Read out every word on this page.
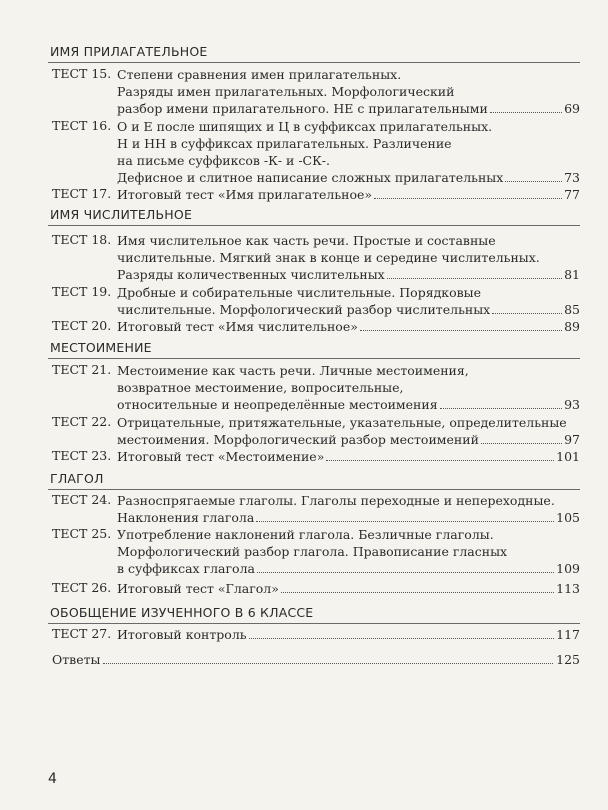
ИМЯ ПРИЛАГАТЕЛЬНОЕ
ТЕСТ 15. Степени сравнения имен прилагательных.
Разряды имен прилагательных. Морфологический
разбор имени прилагательного. НЕ с прилагательными	69
ТЕСТ 16. О и Е после шипящих и Ц в суффиксах прилагательных.
Н и НН в суффиксах прилагательных. Различение
на письме суффиксов -К- и -СК-.
Дефисное и слитное написание сложных прилагательных	73
ТЕСТ 17. Итоговый тест «Имя прилагательное»	77
ИМЯ ЧИСЛИТЕЛЬНОЕ
ТЕСТ 18. Имя числительное как часть речи. Простые и составные
числительные. Мягкий знак в конце и середине числительных.
Разряды количественных числительных	81
ТЕСТ 19. Дробные и собирательные числительные. Порядковые
числительные. Морфологический разбор числительных	85
ТЕСТ 20. Итоговый тест «Имя числительное»	89
МЕСТОИМЕНИЕ
ТЕСТ 21. Местоимение как часть речи. Личные местоимения,
возвратное местоимение, вопросительные,
относительные и неопределённые местоимения	93
ТЕСТ 22. Отрицательные, притяжательные, указательные, определительные
местоимения. Морфологический разбор местоимений	97
ТЕСТ 23. Итоговый тест «Местоимение»	101
ГЛАГОЛ
ТЕСТ 24. Разноспрягаемые глаголы. Глаголы переходные и непереходные.
Наклонения глагола	105
ТЕСТ 25. Употребление наклонений глагола. Безличные глаголы.
Морфологический разбор глагола. Правописание гласных
в суффиксах глагола	109
ТЕСТ 26. Итоговый тест «Глагол»	113
ОБОБЩЕНИЕ ИЗУЧЕННОГО В 6 КЛАССЕ
ТЕСТ 27. Итоговый контроль	117
Ответы	125
4
